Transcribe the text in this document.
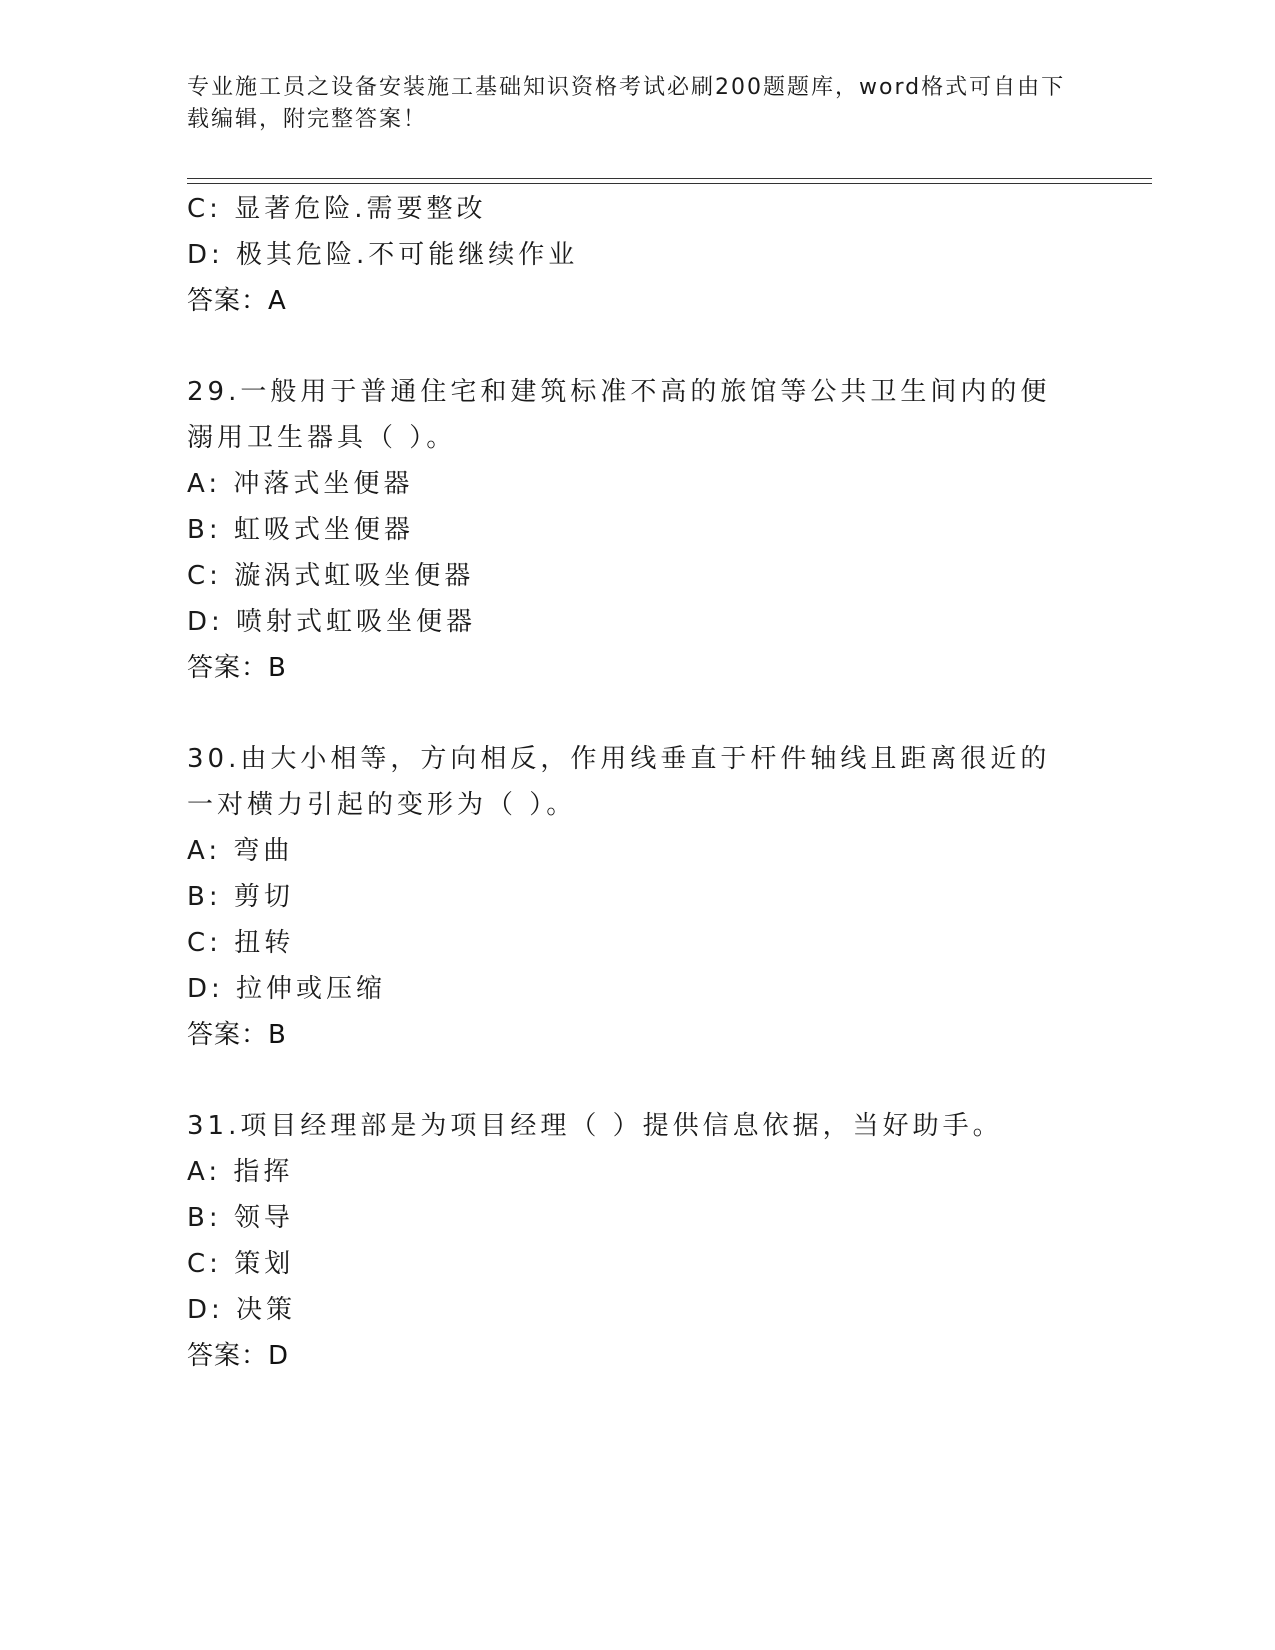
专业施工员之设备安装施工基础知识资格考试必刷200题题库，word格式可自由下载编辑，附完整答案！
C: 显著危险.需要整改
D: 极其危险.不可能继续作业
答案：A
29.一般用于普通住宅和建筑标准不高的旅馆等公共卫生间内的便溺用卫生器具（ ）。
A: 冲落式坐便器
B: 虹吸式坐便器
C: 漩涡式虹吸坐便器
D: 喷射式虹吸坐便器
答案：B
30.由大小相等，方向相反，作用线垂直于杆件轴线且距离很近的一对横力引起的变形为（ ）。
A: 弯曲
B: 剪切
C: 扭转
D: 拉伸或压缩
答案：B
31.项目经理部是为项目经理（ ）提供信息依据，当好助手。
A: 指挥
B: 领导
C: 策划
D: 决策
答案：D
